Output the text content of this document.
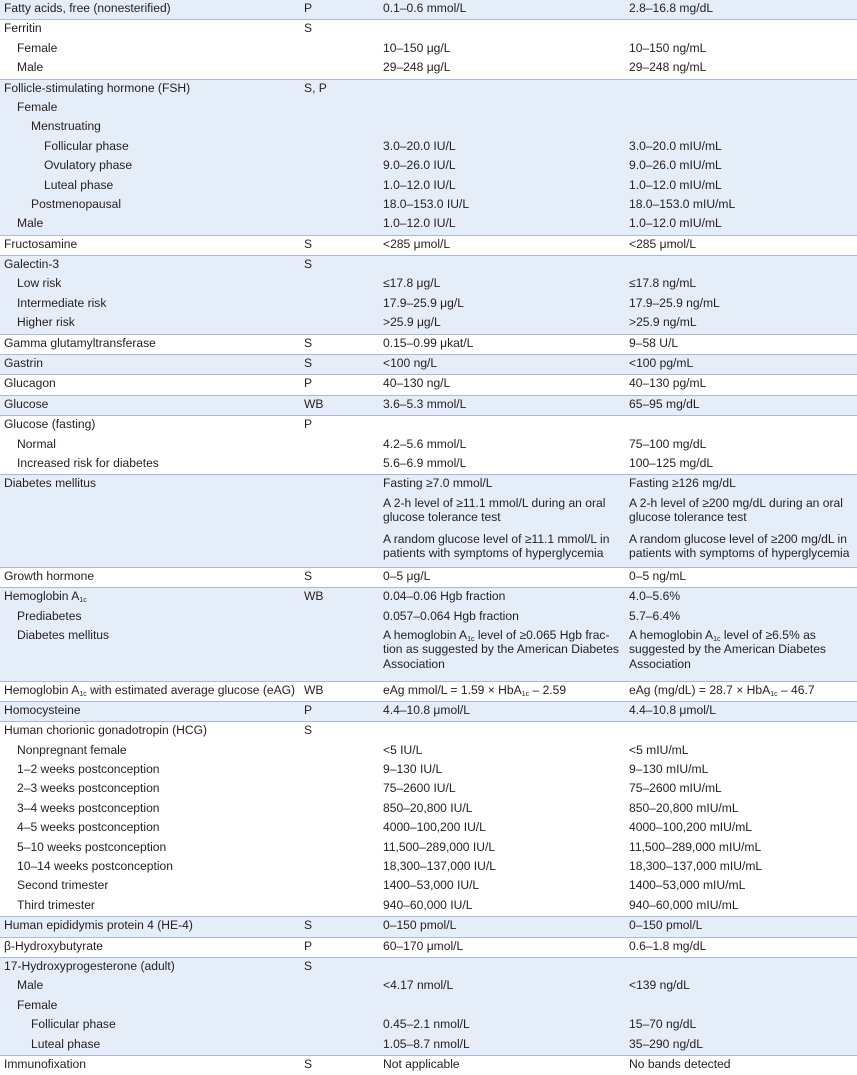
Fatty acids, free (nonesterified)	P	0.1–0.6 mmol/L	2.8–16.8 mg/dL
Ferritin	S		
Female		10–150 μg/L	10–150 ng/mL
Male		29–248 μg/L	29–248 ng/mL
Follicle-stimulating hormone (FSH)	S, P		
Female			
Menstruating			
Follicular phase		3.0–20.0 IU/L	3.0–20.0 mIU/mL
Ovulatory phase		9.0–26.0 IU/L	9.0–26.0 mIU/mL
Luteal phase		1.0–12.0 IU/L	1.0–12.0 mIU/mL
Postmenopausal		18.0–153.0 IU/L	18.0–153.0 mIU/mL
Male		1.0–12.0 IU/L	1.0–12.0 mIU/mL
Fructosamine	S	<285 μmol/L	<285 μmol/L
Galectin-3	S		
Low risk		≤17.8 μg/L	≤17.8 ng/mL
Intermediate risk		17.9–25.9 μg/L	17.9–25.9 ng/mL
Higher risk		>25.9 μg/L	>25.9 ng/mL
Gamma glutamyltransferase	S	0.15–0.99 μkat/L	9–58 U/L
Gastrin	S	<100 ng/L	<100 pg/mL
Glucagon	P	40–130 ng/L	40–130 pg/mL
Glucose	WB	3.6–5.3 mmol/L	65–95 mg/dL
Glucose (fasting)	P		
Normal		4.2–5.6 mmol/L	75–100 mg/dL
Increased risk for diabetes		5.6–6.9 mmol/L	100–125 mg/dL
Diabetes mellitus		Fasting ≥7.0 mmol/L	Fasting ≥126 mg/dL
		A 2-h level of ≥11.1 mmol/L during an oral glucose tolerance test	A 2-h level of ≥200 mg/dL during an oral glucose tolerance test
		A random glucose level of ≥11.1 mmol/L in patients with symptoms of hyperglycemia	A random glucose level of ≥200 mg/dL in patients with symptoms of hyperglycemia
Growth hormone	S	0–5 μg/L	0–5 ng/mL
Hemoglobin $A_{1c}$	WB	0.04–0.06 Hgb fraction	4.0–5.6%
Prediabetes		0.057–0.064 Hgb fraction	5.7–6.4%
Diabetes mellitus		A hemoglobin $A_{1c}$ level of ≥0.065 Hgb frac-tion as suggested by the American Diabetes Association	A hemoglobin $A_{1c}$ level of ≥6.5% as suggested by the American Diabetes Association
Hemoglobin $A_{1c}$ with estimated average glucose (eAG)	WB	eAg mmol/L = 1.59 × HbA$_{1c}$ – 2.59	eAg (mg/dL) = 28.7 × HbA$_{1c}$ – 46.7
Homocysteine	P	4.4–10.8 μmol/L	4.4–10.8 μmol/L
Human chorionic gonadotropin (HCG)	S		
Nonpregnant female		<5 IU/L	<5 mIU/mL
1–2 weeks postconception		9–130 IU/L	9–130 mIU/mL
2–3 weeks postconception		75–2600 IU/L	75–2600 mIU/mL
3–4 weeks postconception		850–20,800 IU/L	850–20,800 mIU/mL
4–5 weeks postconception		4000–100,200 IU/L	4000–100,200 mIU/mL
5–10 weeks postconception		11,500–289,000 IU/L	11,500–289,000 mIU/mL
10–14 weeks postconception		18,300–137,000 IU/L	18,300–137,000 mIU/mL
Second trimester		1400–53,000 IU/L	1400–53,000 mIU/mL
Third trimester		940–60,000 IU/L	940–60,000 mIU/mL
Human epididymis protein 4 (HE-4)	S	0–150 pmol/L	0–150 pmol/L
β-Hydroxybutyrate	P	60–170 μmol/L	0.6–1.8 mg/dL
17-Hydroxyprogesterone (adult)	S		
Male		<4.17 nmol/L	<139 ng/dL
Female			
Follicular phase		0.45–2.1 nmol/L	15–70 ng/dL
Luteal phase		1.05–8.7 nmol/L	35–290 ng/dL
Immunofixation	S	Not applicable	No bands detected
